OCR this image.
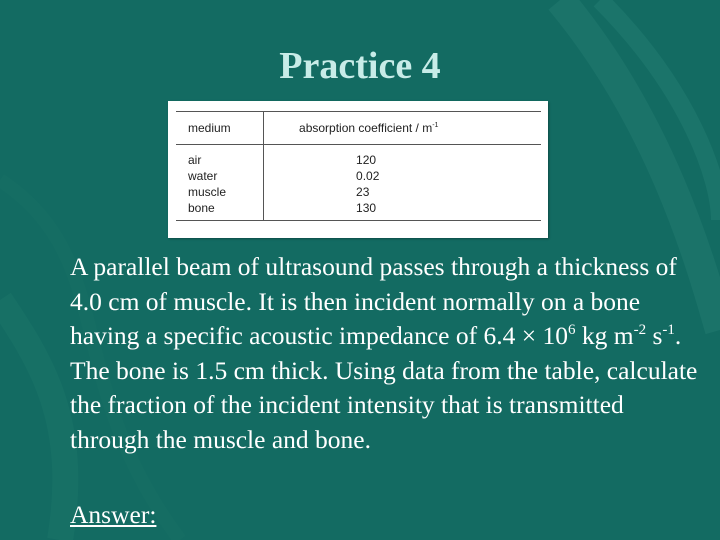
Practice 4
medium	absorption coefficient / $m^{-1}$
air	120
water	0.02
muscle	23
bone	130
A parallel beam of ultrasound passes through a thickness of 4.0 cm of muscle. It is then incident normally on a bone having a specific acoustic impedance of $6.4 \times 10^6$ kg $m^{-2}$ $s^{-1}$. The bone is 1.5 cm thick. Using data from the table, calculate the fraction of the incident intensity that is transmitted through the muscle and bone.
Answer:
